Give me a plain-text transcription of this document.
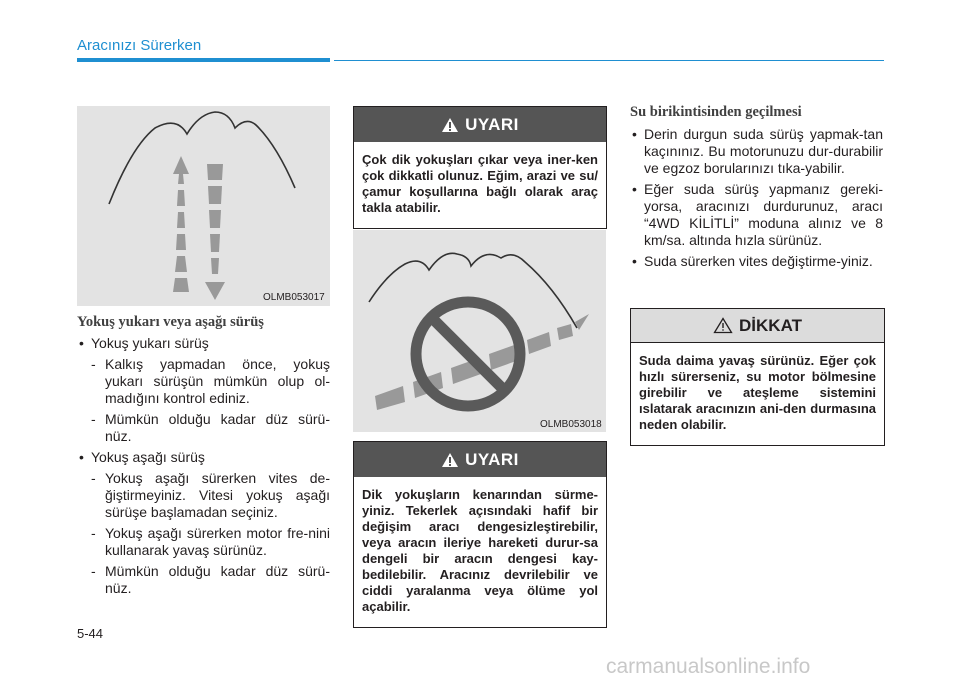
Aracınızı Sürerken
OLMB053017
Yokuş yukarı veya aşağı sürüş
• Yokuş yukarı sürüş
- Kalkış yapmadan önce, yokuş yukarı sürüşün mümkün olup ol-madığını kontrol ediniz.
- Mümkün olduğu kadar düz sürü-nüz.
• Yokuş aşağı sürüş
- Yokuş aşağı sürerken vites de-ğiştirmeyiniz. Vitesi yokuş aşağı sürüşe başlamadan seçiniz.
- Yokuş aşağı sürerken motor fre-nini kullanarak yavaş sürünüz.
- Mümkün olduğu kadar düz sürü-nüz.
UYARI
Çok dik yokuşları çıkar veya iner-ken çok dikkatli olunuz. Eğim, arazi ve su/çamur koşullarına bağlı olarak araç takla atabilir.
OLMB053018
UYARI
Dik yokuşların kenarından sürme-yiniz. Tekerlek açısındaki hafif bir değişim aracı dengesizleştirebilir, veya aracın ileriye hareketi durur-sa dengeli bir aracın dengesi kay-bedilebilir. Aracınız devrilebilir ve ciddi yaralanma veya ölüme yol açabilir.
Su birikintisinden geçilmesi
• Derin durgun suda sürüş yapmak-tan kaçınınız. Bu motorunuzu dur-durabilir ve egzoz borularınızı tıka-yabilir.
• Eğer suda sürüş yapmanız gereki-yorsa, aracınızı durdurunuz, aracı “4WD KİLİTLİ” moduna alınız ve 8 km/sa. altında hızla sürünüz.
• Suda sürerken vites değiştirme-yiniz.
DİKKAT
Suda daima yavaş sürünüz. Eğer çok hızlı sürerseniz, su motor bölmesine girebilir ve ateşleme sistemini ıslatarak aracınızın ani-den durmasına neden olabilir.
5-44
carmanualsonline.info
